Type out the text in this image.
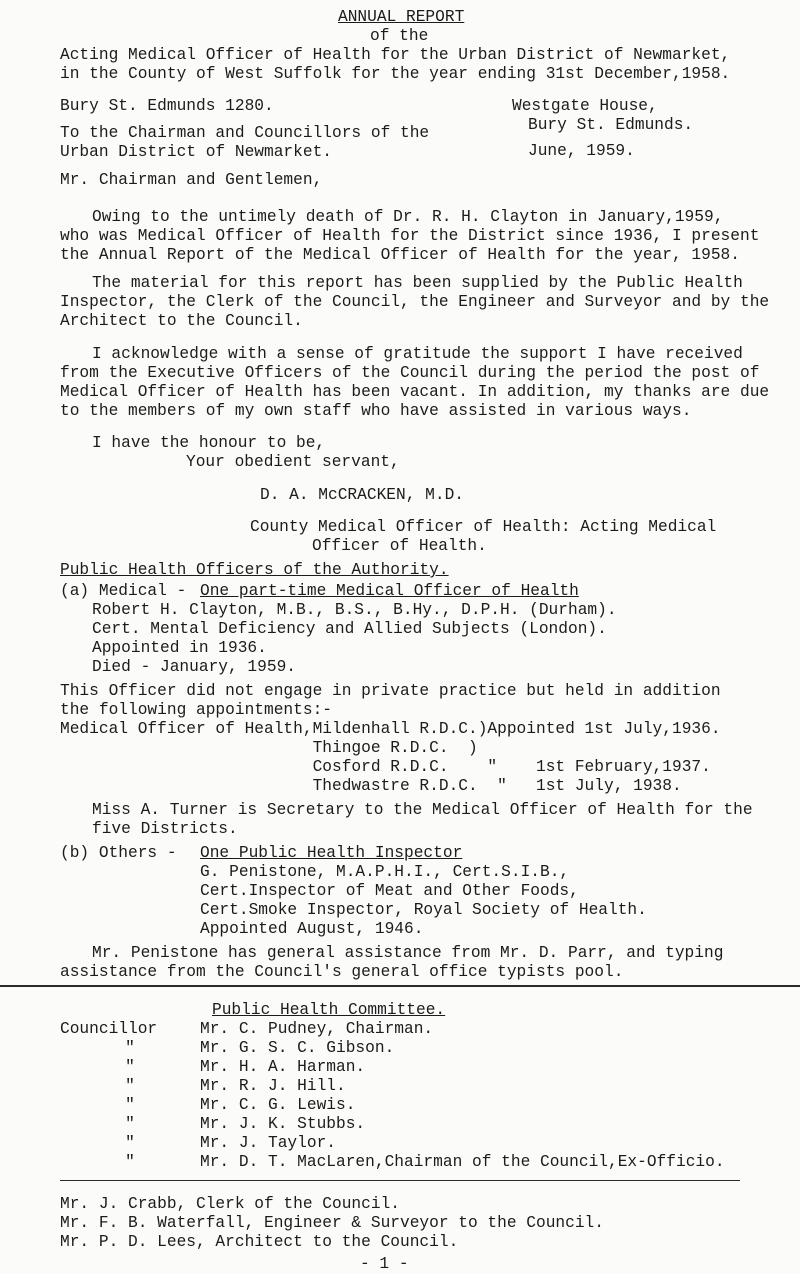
ANNUAL REPORT
of the
Acting Medical Officer of Health for the Urban District of Newmarket,
in the County of West Suffolk for the year ending 31st December,1958.
Bury St. Edmunds 1280.	Westgate House,
Bury St. Edmunds.
June, 1959.
To the Chairman and Councillors of the
Urban District of Newmarket.
Mr. Chairman and Gentlemen,
Owing to the untimely death of Dr. R. H. Clayton in January,1959,
who was Medical Officer of Health for the District since 1936, I present
the Annual Report of the Medical Officer of Health for the year, 1958.
The material for this report has been supplied by the Public Health
Inspector, the Clerk of the Council, the Engineer and Surveyor and by the
Architect to the Council.
I acknowledge with a sense of gratitude the support I have received
from the Executive Officers of the Council during the period the post of
Medical Officer of Health has been vacant. In addition, my thanks are due
to the members of my own staff who have assisted in various ways.
I have the honour to be,
Your obedient servant,
D. A. McCRACKEN, M.D.
County Medical Officer of Health: Acting Medical
Officer of Health.
Public Health Officers of the Authority.
(a) Medical - One part-time Medical Officer of Health
Robert H. Clayton, M.B., B.S., B.Hy., D.P.H. (Durham).
Cert. Mental Deficiency and Allied Subjects (London).
Appointed in 1936.
Died - January, 1959.
This Officer did not engage in private practice but held in addition
the following appointments:-
Medical Officer of Health,Mildenhall R.D.C.)Appointed 1st July,1936.
Thingoe R.D.C.  )
Cosford R.D.C.    "    1st February,1937.
Thedwastre R.D.C.  "   1st July, 1938.
Miss A. Turner is Secretary to the Medical Officer of Health for the
five Districts.
(b) Others - One Public Health Inspector
G. Penistone, M.A.P.H.I., Cert.S.I.B.,
Cert.Inspector of Meat and Other Foods,
Cert.Smoke Inspector, Royal Society of Health.
Appointed August, 1946.
Mr. Penistone has general assistance from Mr. D. Parr, and typing
assistance from the Council's general office typists pool.
Public Health Committee.
Councillor	Mr. C. Pudney, Chairman.
"	Mr. G. S. C. Gibson.
"	Mr. H. A. Harman.
"	Mr. R. J. Hill.
"	Mr. C. G. Lewis.
"	Mr. J. K. Stubbs.
"	Mr. J. Taylor.
"	Mr. D. T. MacLaren,Chairman of the Council,Ex-Officio.
Mr. J. Crabb, Clerk of the Council.
Mr. F. B. Waterfall, Engineer & Surveyor to the Council.
Mr. P. D. Lees, Architect to the Council.
- 1 -
